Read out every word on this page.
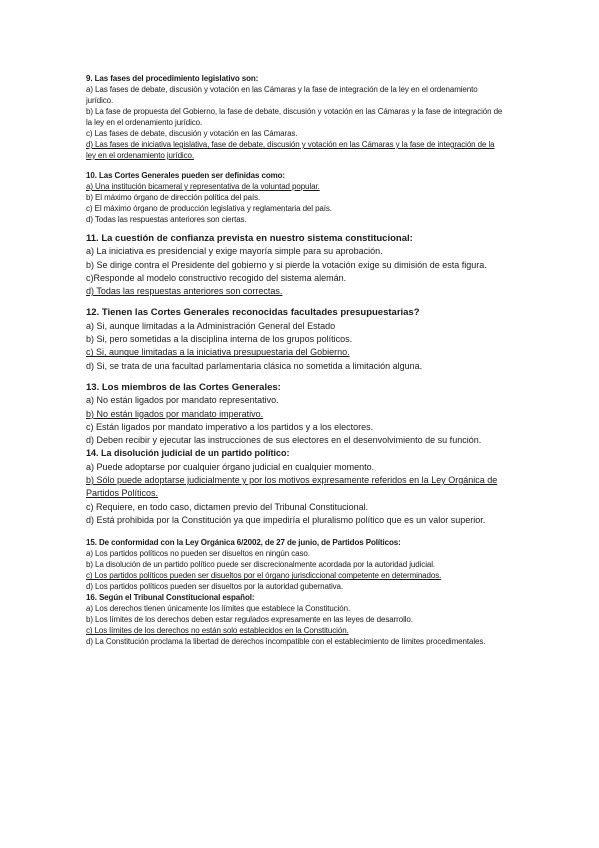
9. Las fases del procedimiento legislativo son:

a) Las fases de debate, discusión y votación en las Cámaras y la fase de integración de la ley en el ordenamiento jurídico.

b) La fase de propuesta del Gobierno, la fase de debate, discusión y votación en las Cámaras y la fase de integración de la ley en el ordenamiento jurídico.

c) Las fases de debate, discusión y votación en las Cámaras.

d) Las fases de iniciativa legislativa, fase de debate, discusión y votación en las Cámaras y la fase de integración de la ley en el ordenamiento jurídico.

10. Las Cortes Generales pueden ser definidas como:

a) Una institución bicameral y representativa de la voluntad popular.

b) El máximo órgano de dirección política del país.

c) El máximo órgano de producción legislativa y reglamentaria del país.

d) Todas las respuestas anteriores son ciertas.

11. La cuestión de confianza prevista en nuestro sistema constitucional:

a) La iniciativa es presidencial y exige mayoría simple para su aprobación.

b) Se dirige contra el Presidente del gobierno y si pierde la votación exige su dimisión de esta figura.

c)Responde al modelo constructivo recogido del sistema alemán.

d) Todas las respuestas anteriores son correctas.

12. Tienen las Cortes Generales reconocidas facultades presupuestarias?

a) Si, aunque limitadas a la Administración General del Estado

b) Si, pero sometidas a la disciplina interna de los grupos políticos.

c) Si, aunque limitadas a la iniciativa presupuestaria del Gobierno.

d) Si, se trata de una facultad parlamentaria clásica no sometida a limitación alguna.

13. Los miembros de las Cortes Generales:

a) No están ligados por mandato representativo.

b) No están ligados por mandato imperativo.

c) Están ligados por mandato imperativo a los partidos y a los electores.

d) Deben recibir y ejecutar las instrucciones de sus electores en el desenvolvimiento de su función.

14. La disolución judicial de un partido político:

a) Puede adoptarse por cualquier órgano judicial en cualquier momento.

b) Sólo puede adoptarse judicialmente y por los motivos expresamente referidos en la Ley Orgánica de Partidos Políticos.

c) Requiere, en todo caso, dictamen previo del Tribunal Constitucional.

d) Está prohibida por la Constitución ya que impediría el pluralismo político que es un valor superior.

15. De conformidad con la Ley Orgánica 6/2002, de 27 de junio, de Partidos Políticos:

a) Los partidos políticos no pueden ser disueltos en ningún caso.

b) La disolución de un partido político puede ser discrecionalmente acordada por la autoridad judicial.

c) Los partidos políticos pueden ser disueltos por el órgano jurisdiccional competente en determinados.

d) Los partidos políticos pueden ser disueltos por la autoridad gubernativa.

16. Según el Tribunal Constitucional español:

a) Los derechos tienen únicamente los límites que establece la Constitución.

b) Los límites de los derechos deben estar regulados expresamente en las leyes de desarrollo.

c) Los límites de los derechos no están solo establecidos en la Constitución.

d) La Constitución proclama la libertad de derechos incompatible con el establecimiento de límites procedimentales.
